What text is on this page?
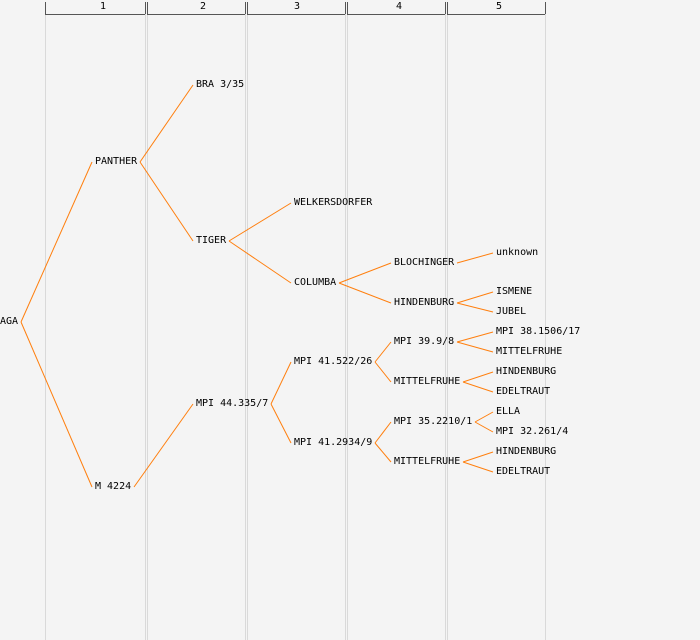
1	2	3	4	5
AGA
PANTHER
M 4224
BRA 3/35
TIGER
MPI 44.335/7
WELKERSDORFER
COLUMBA
MPI 41.522/26
MPI 41.2934/9
BLOCHINGER
HINDENBURG
MPI 39.9/8
MITTELFRUHE
MPI 35.2210/1
MITTELFRUHE
unknown
ISMENE
JUBEL
MPI 38.1506/17
MITTELFRUHE
HINDENBURG
EDELTRAUT
ELLA
MPI 32.261/4
HINDENBURG
EDELTRAUT
